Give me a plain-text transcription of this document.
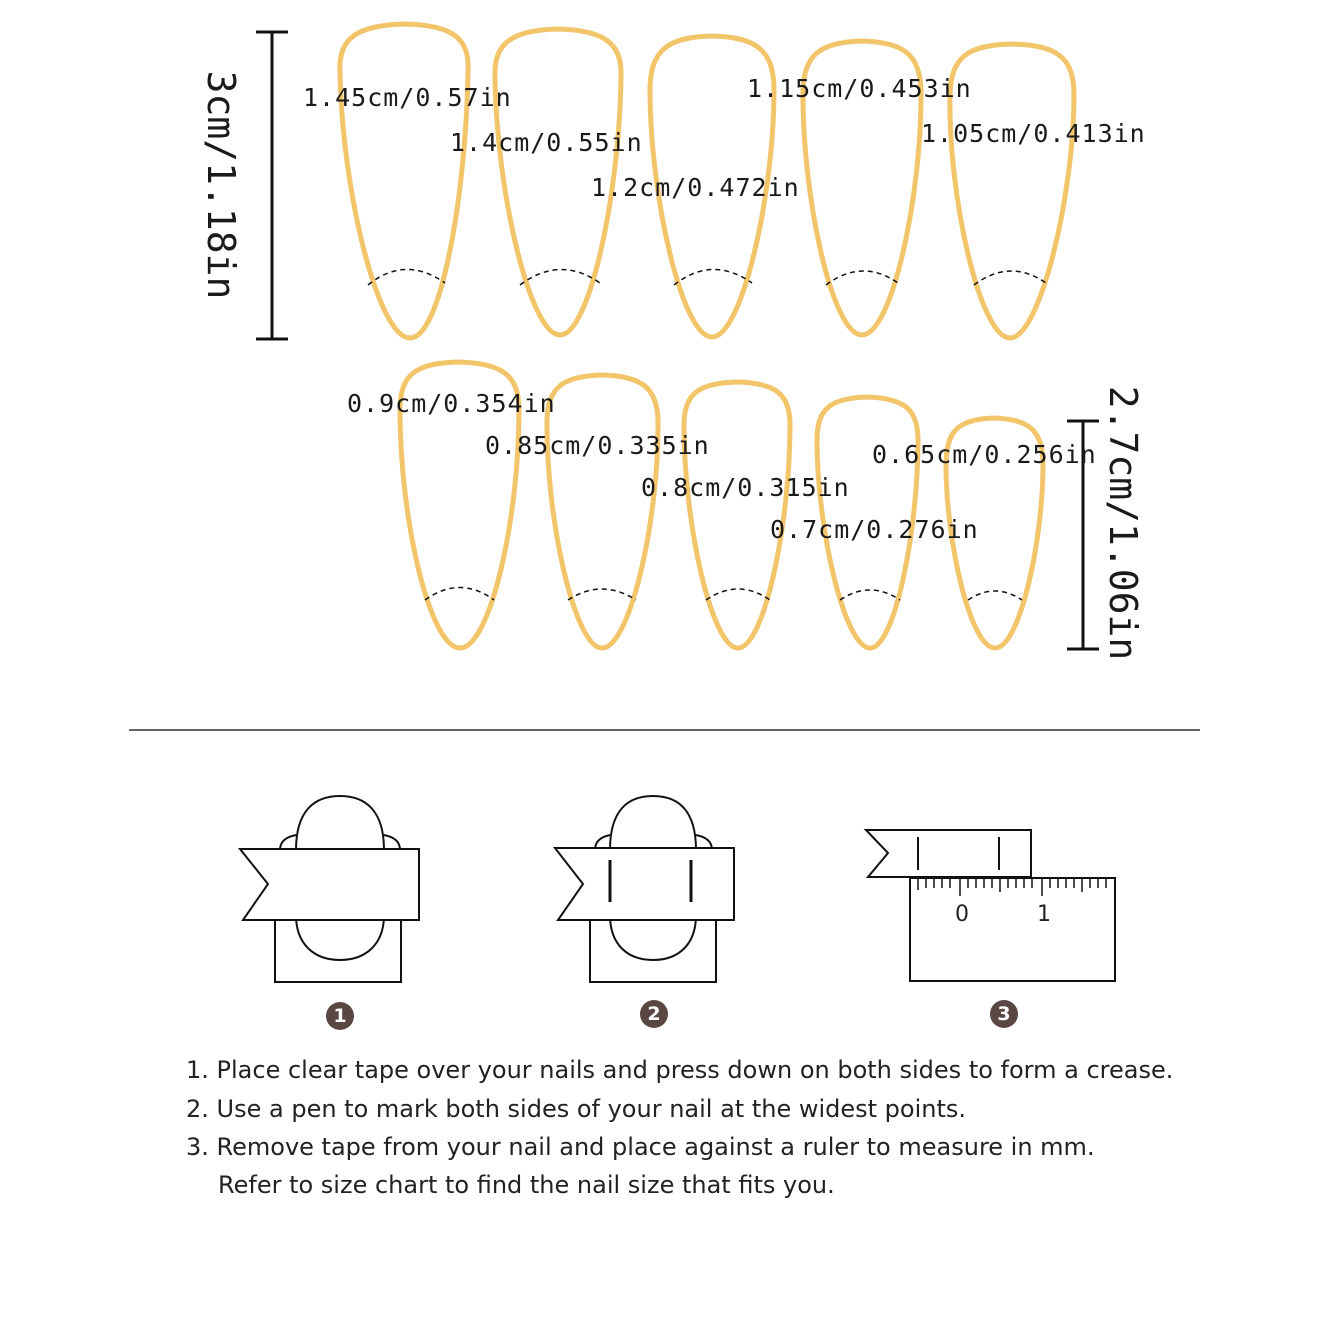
0	1
3cm/1.18in 1.45cm/0.57in
1.4cm/0.55in
1.2cm/0.472in
1.15cm/0.453in
1.05cm/0.413in
0.9cm/0.354in
0.85cm/0.335in
0.8cm/0.315in
0.7cm/0.276in
0.65cm/0.256in 2.7cm/1.06in
1	2	3
1. Place clear tape over your nails and press down on both sides to form a crease.
2. Use a pen to mark both sides of your nail at the widest points.
3. Remove tape from your nail and place against a ruler to measure in mm.
Refer to size chart to find the nail size that fits you.
